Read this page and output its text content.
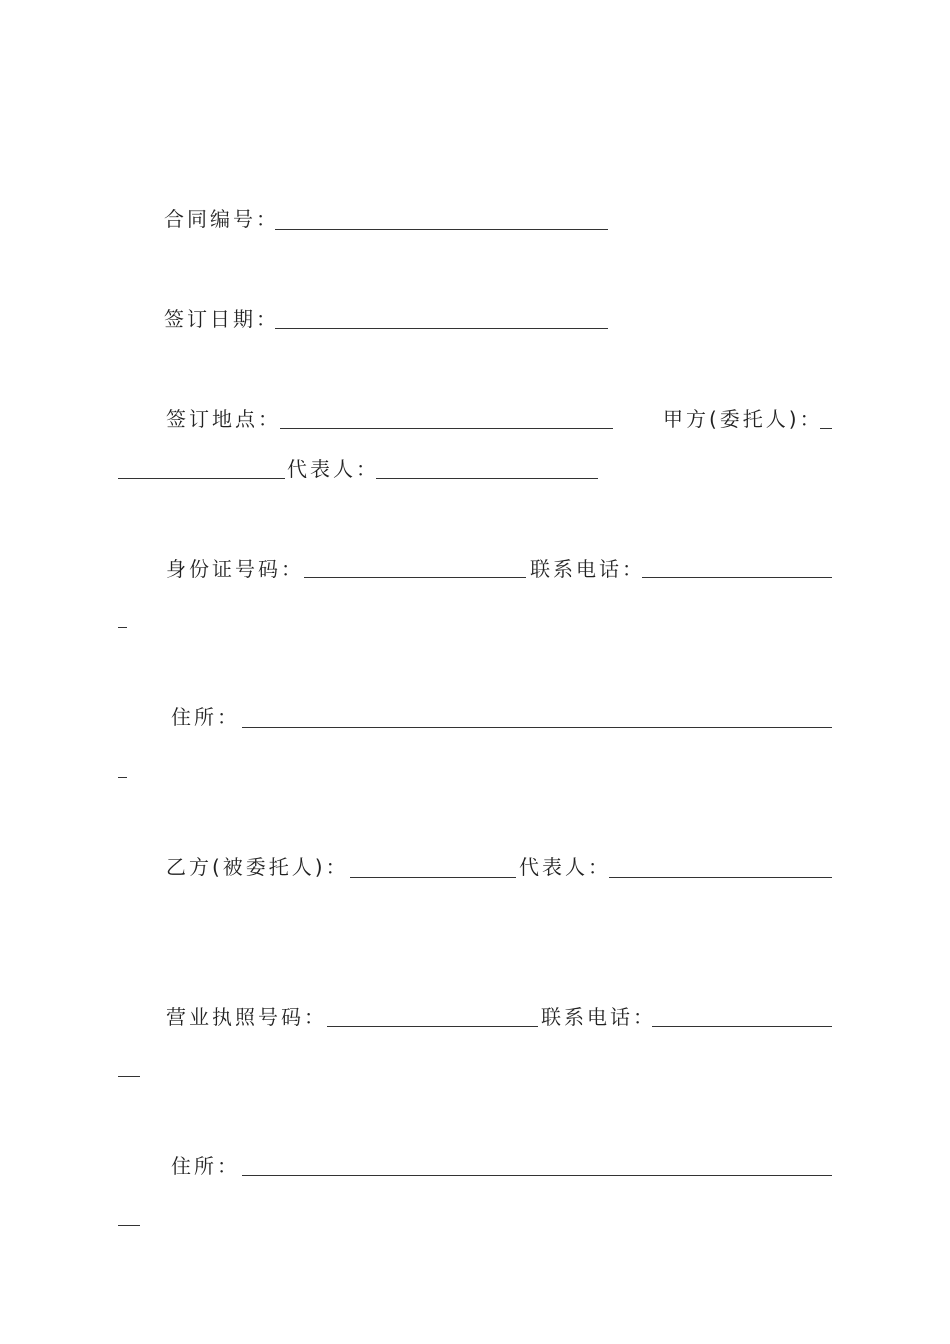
合同编号：
签订日期：
签订地点：	甲方(委托人)：
代表人：
身份证号码：	联系电话：
住所：
乙方(被委托人)：	代表人：
营业执照号码：	联系电话：
住所：
